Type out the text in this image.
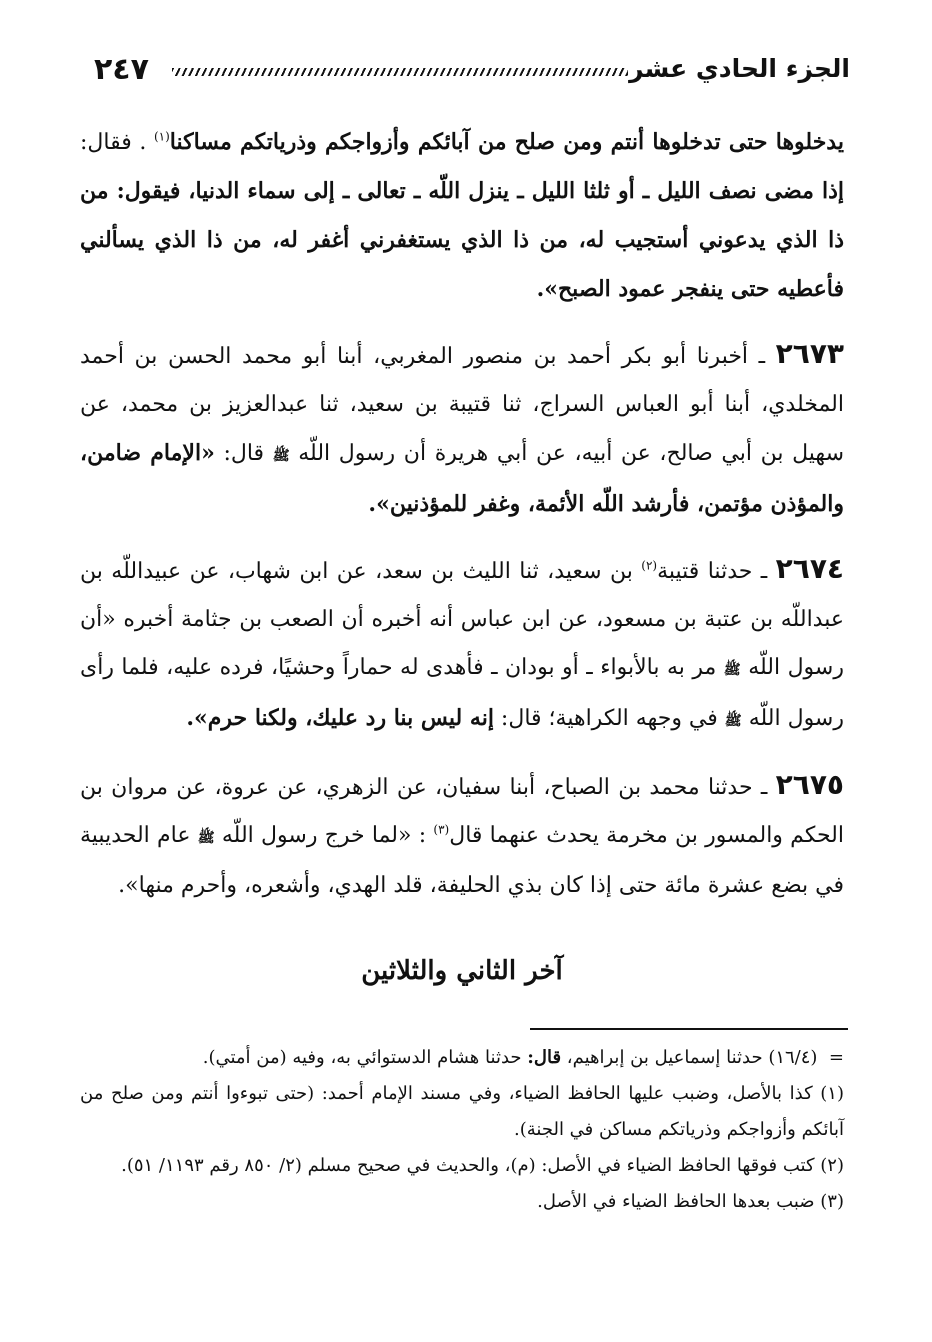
٢٤٧	الجزء الحادي عشر

يدخلوها حتى تدخلوها أنتم ومن صلح من آبائكم وأزواجكم وذرياتكم مساكنا$^{(١)}$ . فقال: إذا مضى نصف الليل ـ أو ثلثا الليل ـ ينزل اللّه ـ تعالى ـ إلى سماء الدنيا، فيقول: من ذا الذي يدعوني أستجيب له، من ذا الذي يستغفرني أغفر له، من ذا الذي يسألني فأعطيه حتى ينفجر عمود الصبح».

٢٦٧٣ ـ أخبرنا أبو بكر أحمد بن منصور المغربي، أبنا أبو محمد الحسن بن أحمد المخلدي، أبنا أبو العباس السراج، ثنا قتيبة بن سعيد، ثنا عبدالعزيز بن محمد، عن سهيل بن أبي صالح، عن أبيه، عن أبي هريرة أن رسول اللّه ﷺ قال: «الإمام ضامن، والمؤذن مؤتمن، فأرشد اللّه الأئمة، وغفر للمؤذنين».

٢٦٧٤ ـ حدثنا قتيبة$^{(٢)}$ بن سعيد، ثنا الليث بن سعد، عن ابن شهاب، عن عبيداللّه بن عبداللّه بن عتبة بن مسعود، عن ابن عباس أنه أخبره أن الصعب بن جثامة أخبره «أن رسول اللّه ﷺ مر به بالأبواء ـ أو بودان ـ فأهدى له حماراً وحشيًا، فرده عليه، فلما رأى رسول اللّه ﷺ في وجهه الكراهية؛ قال: إنه ليس بنا رد عليك، ولكنا حرم».

٢٦٧٥ ـ حدثنا محمد بن الصباح، أبنا سفيان، عن الزهري، عن عروة، عن مروان بن الحكم والمسور بن مخرمة يحدث عنهما قال$^{(٣)}$ : «لما خرج رسول اللّه ﷺ عام الحديبية في بضع عشرة مائة حتى إذا كان بذي الحليفة، قلد الهدي، وأشعره، وأحرم منها».

آخر الثاني والثلاثين

=  (١٦/٤) حدثنا إسماعيل بن إبراهيم، قال: حدثنا هشام الدستوائي به، وفيه (من أمتي).

(١) كذا بالأصل، وضبب عليها الحافظ الضياء، وفي مسند الإمام أحمد: (حتى تبوءوا أنتم ومن صلح من آبائكم وأزواجكم وذرياتكم مساكن في الجنة).

(٢) كتب فوقها الحافظ الضياء في الأصل: (م)، والحديث في صحيح مسلم (٢/ ٨٥٠ رقم ١١٩٣/ ٥١).

(٣) ضبب بعدها الحافظ الضياء في الأصل.
